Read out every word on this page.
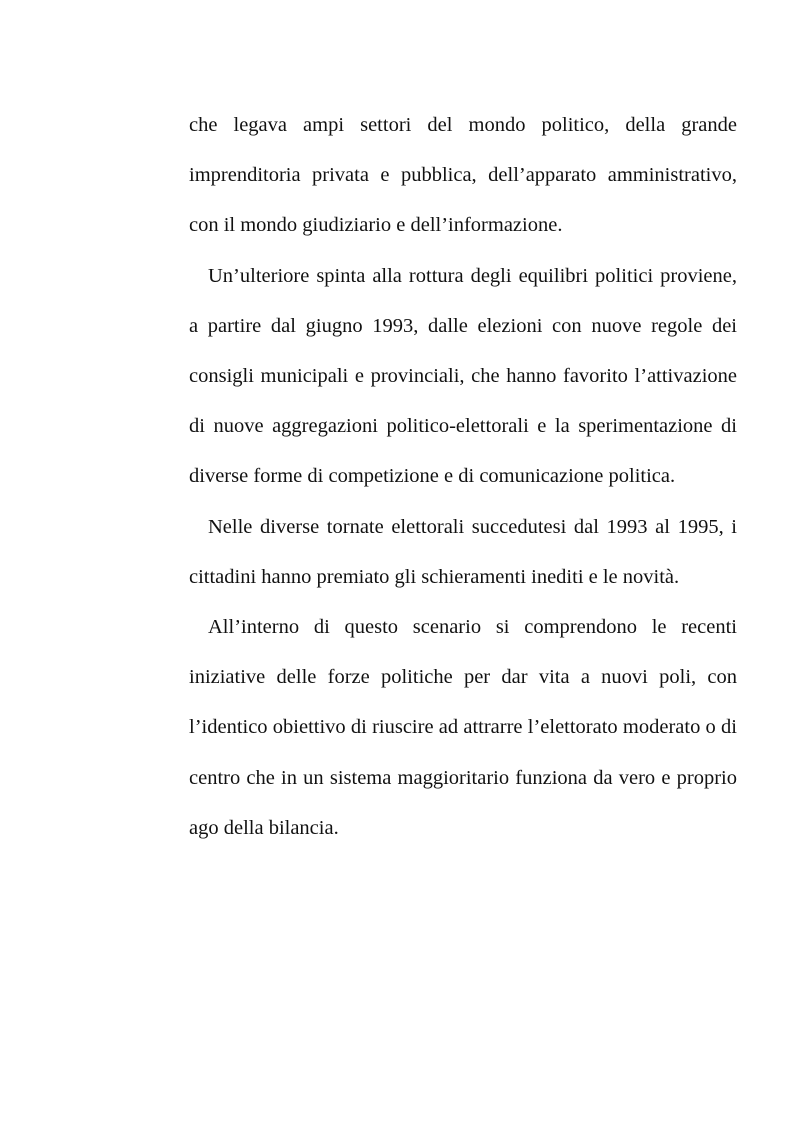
che legava ampi settori del mondo politico, della grande imprenditoria privata e pubblica, dell’apparato amministrativo, con il mondo giudiziario e dell’informazione.

Un’ulteriore spinta alla rottura degli equilibri politici proviene, a partire dal giugno 1993, dalle elezioni con nuove regole dei consigli municipali e provinciali, che hanno favorito l’attivazione di nuove aggregazioni politico-elettorali e la sperimentazione di diverse forme di competizione e di comunicazione politica.

Nelle diverse tornate elettorali succedutesi dal 1993 al 1995, i cittadini hanno premiato gli schieramenti inediti e le novità.

All’interno di questo scenario si comprendono le recenti iniziative delle forze politiche per dar vita a nuovi poli, con l’identico obiettivo di riuscire ad attrarre l’elettorato moderato o di centro che in un sistema maggioritario funziona da vero e proprio ago della bilancia.
